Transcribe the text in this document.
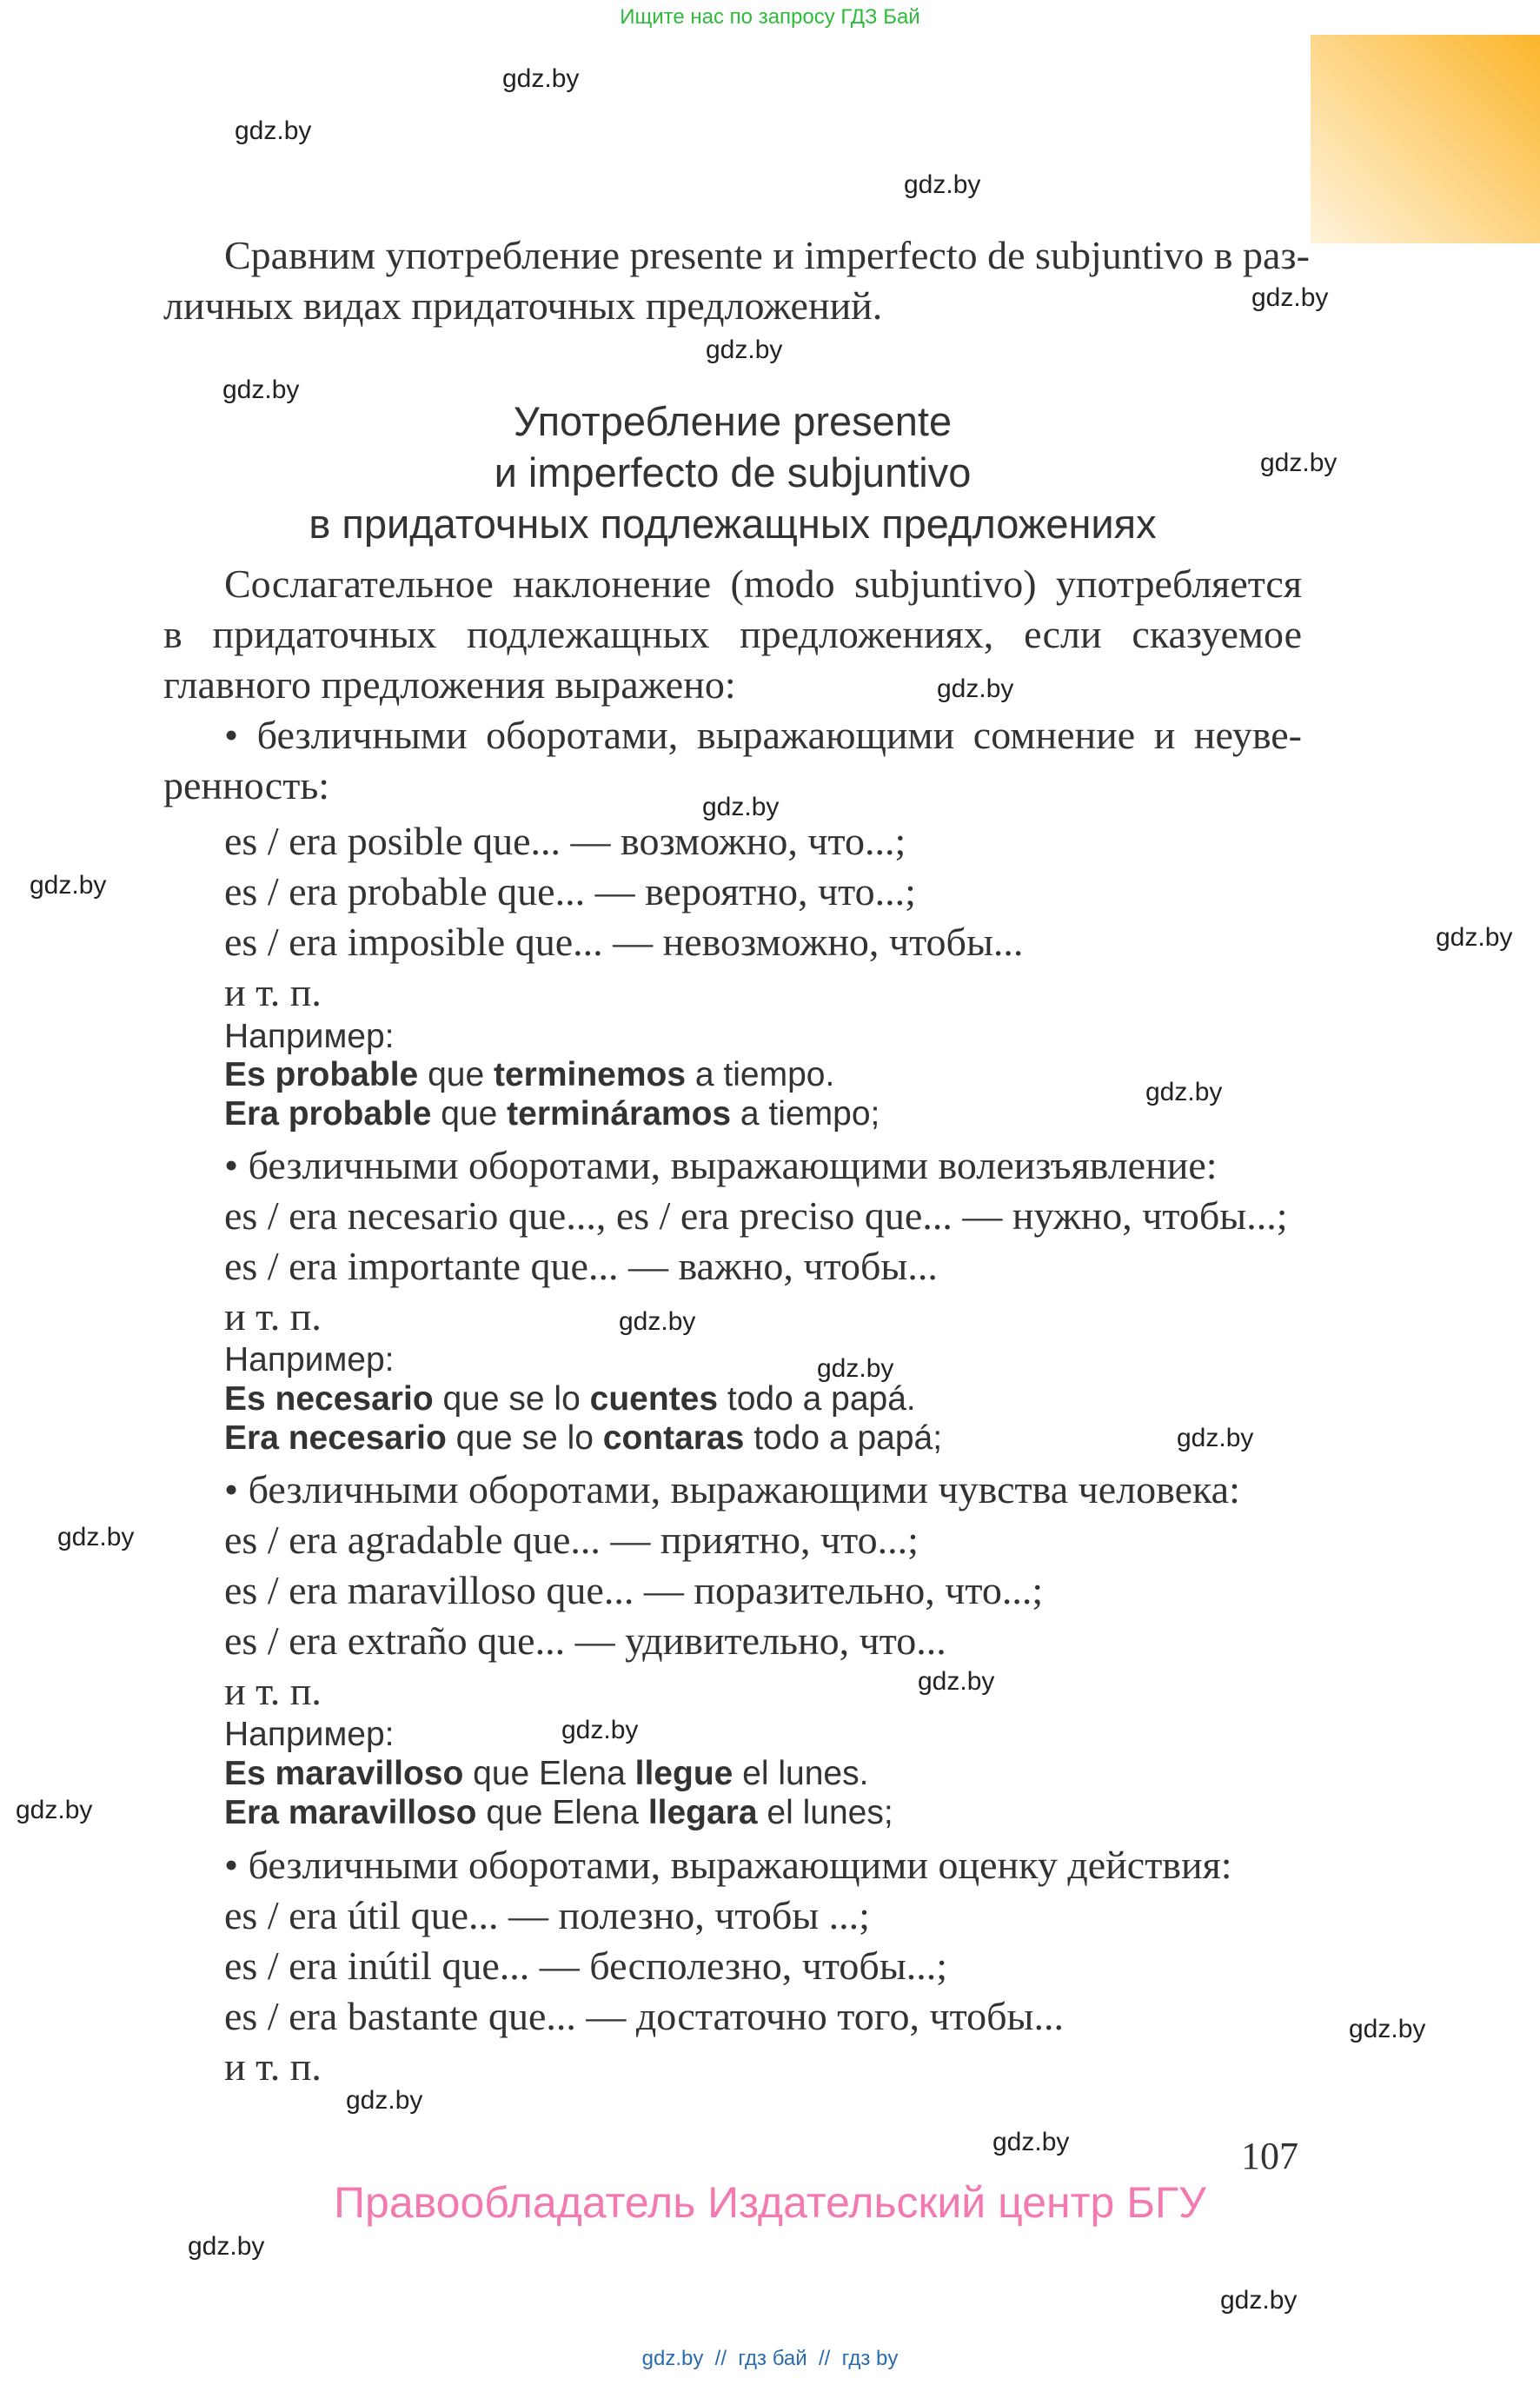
Ищите нас по запросу ГДЗ Бай
Сравним употребление presente и imperfecto de subjuntivo в раз-
личных видах придаточных предложений.
Употребление presente
и imperfecto de subjuntivo
в придаточных подлежащных предложениях
Сослагательное наклонение (modo subjuntivo) употребляется
в придаточных подлежащных предложениях, если сказуемое
главного предложения выражено:
• безличными оборотами, выражающими сомнение и неуве-
ренность:
es / era posible que... — возможно, что...;
es / era probable que... — вероятно, что...;
es / era imposible que... — невозможно, чтобы...
и т. п.
Например:
Es probable que terminemos a tiempo.
Era probable que termináramos a tiempo;
• безличными оборотами, выражающими волеизъявление:
es / era necesario que..., es / era preciso que... — нужно, чтобы...;
es / era importante que... — важно, чтобы...
и т. п.
Например:
Es necesario que se lo cuentes todo a papá.
Era necesario que se lo contaras todo a papá;
• безличными оборотами, выражающими чувства человека:
es / era agradable que... — приятно, что...;
es / era maravilloso que... — поразительно, что...;
es / era extraño que... — удивительно, что...
и т. п.
Например:
Es maravilloso que Elena llegue el lunes.
Era maravilloso que Elena llegara el lunes;
• безличными оборотами, выражающими оценку действия:
es / era útil que... — полезно, чтобы ...;
es / era inútil que... — бесполезно, чтобы...;
es / era bastante que... — достаточно того, чтобы...
и т. п.
107
Правообладатель Издательский центр БГУ
gdz.by  //  гдз бай  //  гдз by
gdz.by
gdz.by
gdz.by
gdz.by
gdz.by
gdz.by
gdz.by
gdz.by
gdz.by
gdz.by
gdz.by
gdz.by
gdz.by
gdz.by
gdz.by
gdz.by
gdz.by
gdz.by
gdz.by
gdz.by
gdz.by
gdz.by
gdz.by
gdz.by
